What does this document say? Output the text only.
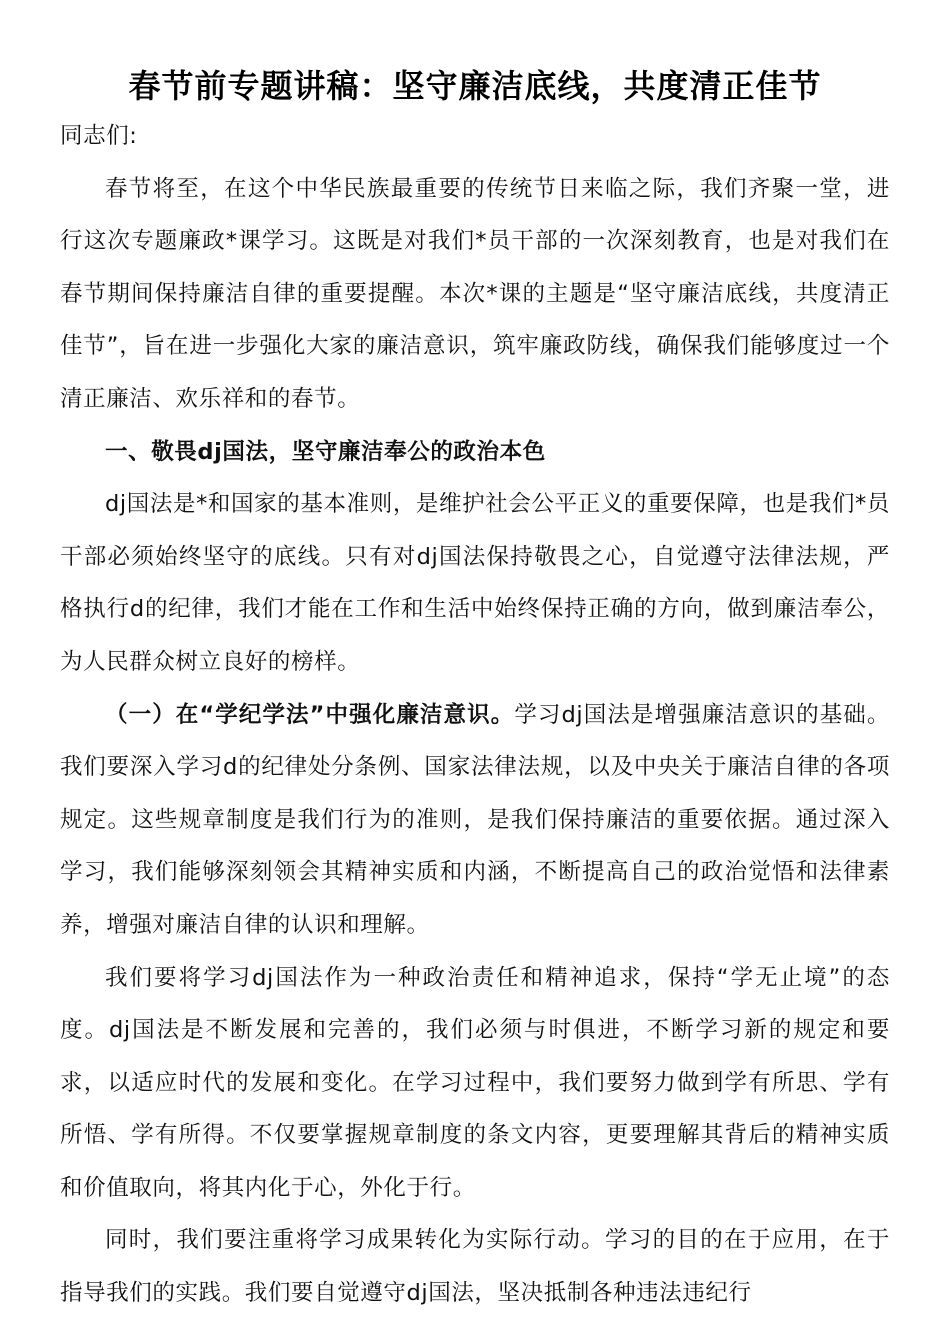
春节前专题讲稿：坚守廉洁底线，共度清正佳节

同志们:

春节将至，在这个中华民族最重要的传统节日来临之际，我们齐聚一堂，进行这次专题廉政*课学习。这既是对我们*员干部的一次深刻教育，也是对我们在春节期间保持廉洁自律的重要提醒。本次*课的主题是“坚守廉洁底线，共度清正佳节”，旨在进一步强化大家的廉洁意识，筑牢廉政防线，确保我们能够度过一个清正廉洁、欢乐祥和的春节。

一、敬畏dj国法，坚守廉洁奉公的政治本色

dj国法是*和国家的基本准则，是维护社会公平正义的重要保障，也是我们*员干部必须始终坚守的底线。只有对dj国法保持敬畏之心，自觉遵守法律法规，严格执行d的纪律，我们才能在工作和生活中始终保持正确的方向，做到廉洁奉公，为人民群众树立良好的榜样。

（一）在“学纪学法”中强化廉洁意识。学习dj国法是增强廉洁意识的基础。我们要深入学习d的纪律处分条例、国家法律法规，以及中央关于廉洁自律的各项规定。这些规章制度是我们行为的准则，是我们保持廉洁的重要依据。通过深入学习，我们能够深刻领会其精神实质和内涵，不断提高自己的政治觉悟和法律素养，增强对廉洁自律的认识和理解。

我们要将学习dj国法作为一种政治责任和精神追求，保持“学无止境”的态度。dj国法是不断发展和完善的，我们必须与时俱进，不断学习新的规定和要求，以适应时代的发展和变化。在学习过程中，我们要努力做到学有所思、学有所悟、学有所得。不仅要掌握规章制度的条文内容，更要理解其背后的精神实质和价值取向，将其内化于心，外化于行。

同时，我们要注重将学习成果转化为实际行动。学习的目的在于应用，在于指导我们的实践。我们要自觉遵守dj国法，坚决抵制各种违法违纪行
